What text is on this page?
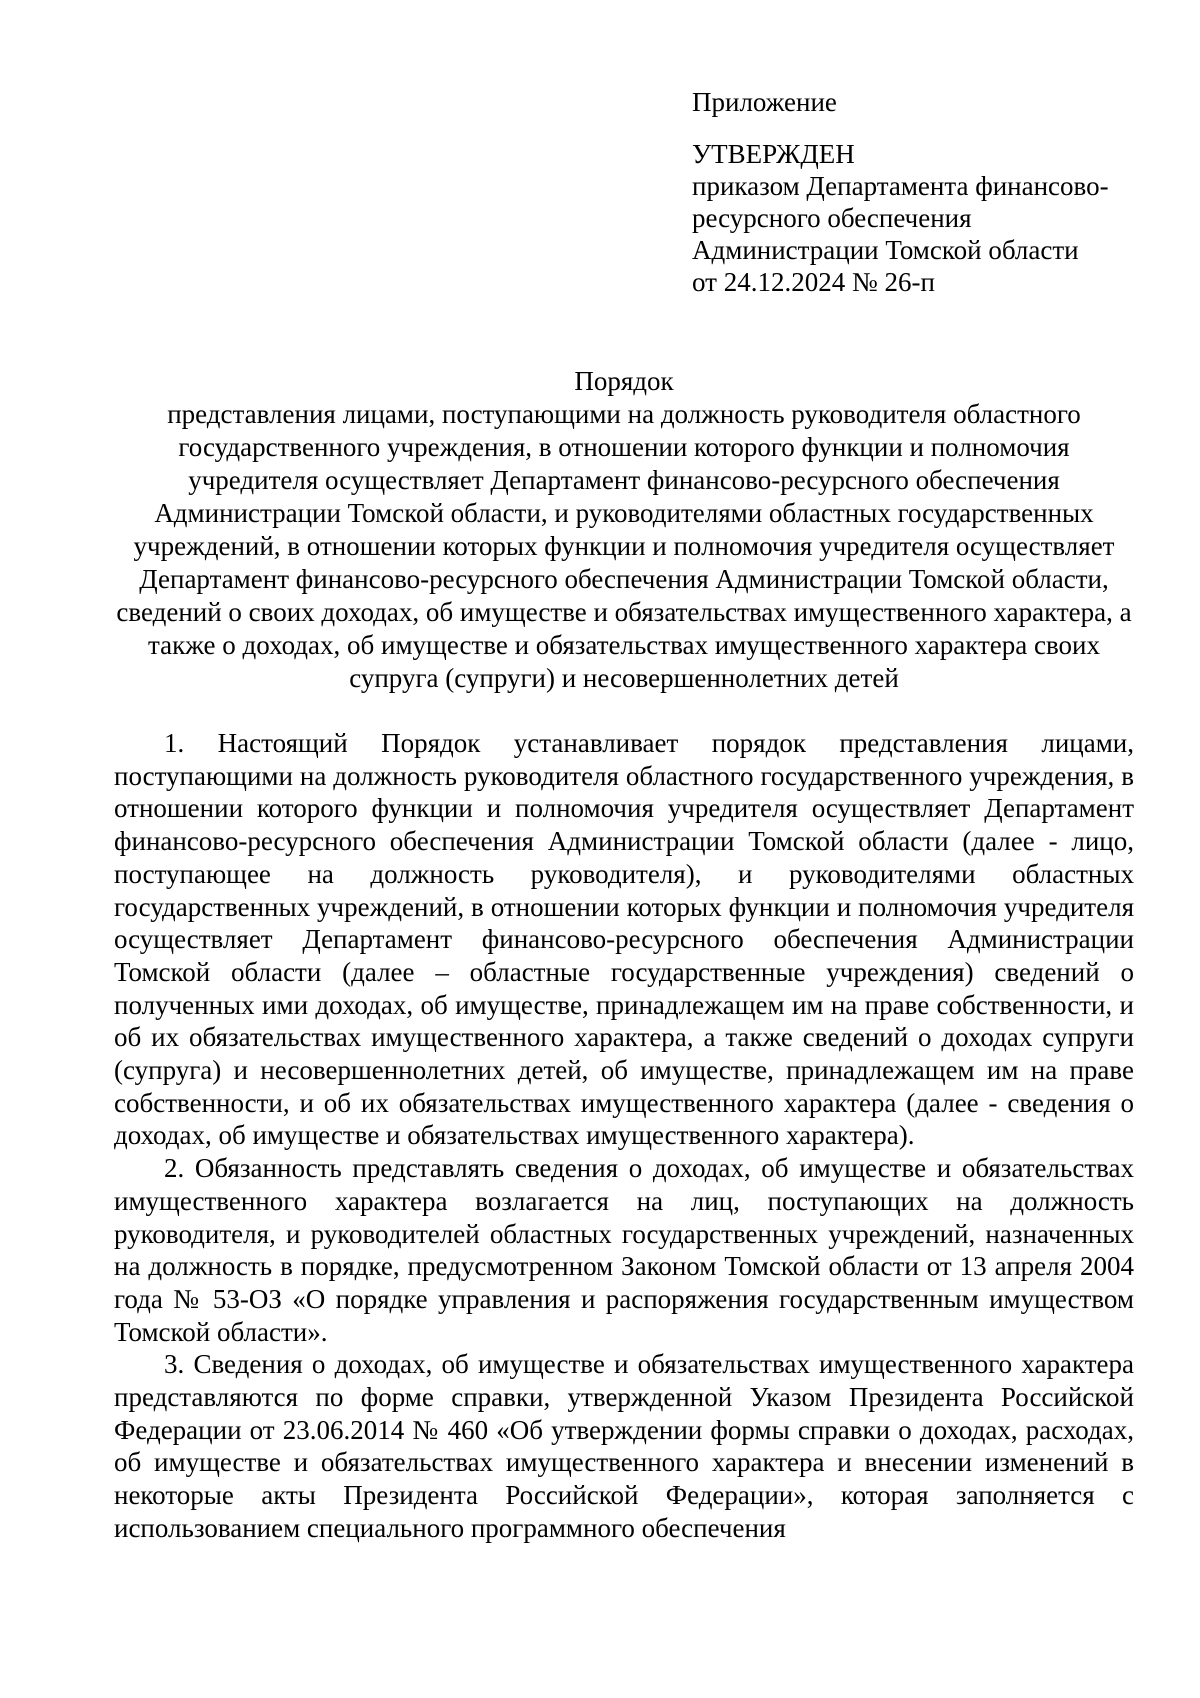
Приложение

УТВЕРЖДЕН

приказом Департамента финансово-
ресурсного обеспечения
Администрации Томской области
от 24.12.2024 № 26-п

Порядок

представления лицами, поступающими на должность руководителя областного государственного учреждения, в отношении которого функции и полномочия учредителя осуществляет Департамент финансово-ресурсного обеспечения Администрации Томской области, и руководителями областных государственных учреждений, в отношении которых функции и полномочия учредителя осуществляет Департамент финансово-ресурсного обеспечения Администрации Томской области, сведений о своих доходах, об имуществе и обязательствах имущественного характера, а также о доходах, об имуществе и обязательствах имущественного характера своих супруга (супруги) и несовершеннолетних детей

1. Настоящий Порядок устанавливает порядок представления лицами, поступающими на должность руководителя областного государственного учреждения, в отношении которого функции и полномочия учредителя осуществляет Департамент финансово-ресурсного обеспечения Администрации Томской области (далее - лицо, поступающее на должность руководителя), и руководителями областных государственных учреждений, в отношении которых функции и полномочия учредителя осуществляет Департамент финансово-ресурсного обеспечения Администрации Томской области (далее – областные государственные учреждения) сведений о полученных ими доходах, об имуществе, принадлежащем им на праве собственности, и об их обязательствах имущественного характера, а также сведений о доходах супруги (супруга) и несовершеннолетних детей, об имуществе, принадлежащем им на праве собственности, и об их обязательствах имущественного характера (далее - сведения о доходах, об имуществе и обязательствах имущественного характера).

2. Обязанность представлять сведения о доходах, об имуществе и обязательствах имущественного характера возлагается на лиц, поступающих на должность руководителя, и руководителей областных государственных учреждений, назначенных на должность в порядке, предусмотренном Законом Томской области от 13 апреля 2004 года № 53-ОЗ «О порядке управления и распоряжения государственным имуществом Томской области».

3. Сведения о доходах, об имуществе и обязательствах имущественного характера представляются по форме справки, утвержденной Указом Президента Российской Федерации от 23.06.2014 № 460 «Об утверждении формы справки о доходах, расходах, об имуществе и обязательствах имущественного характера и внесении изменений в некоторые акты Президента Российской Федерации», которая заполняется с использованием специального программного обеспечения
